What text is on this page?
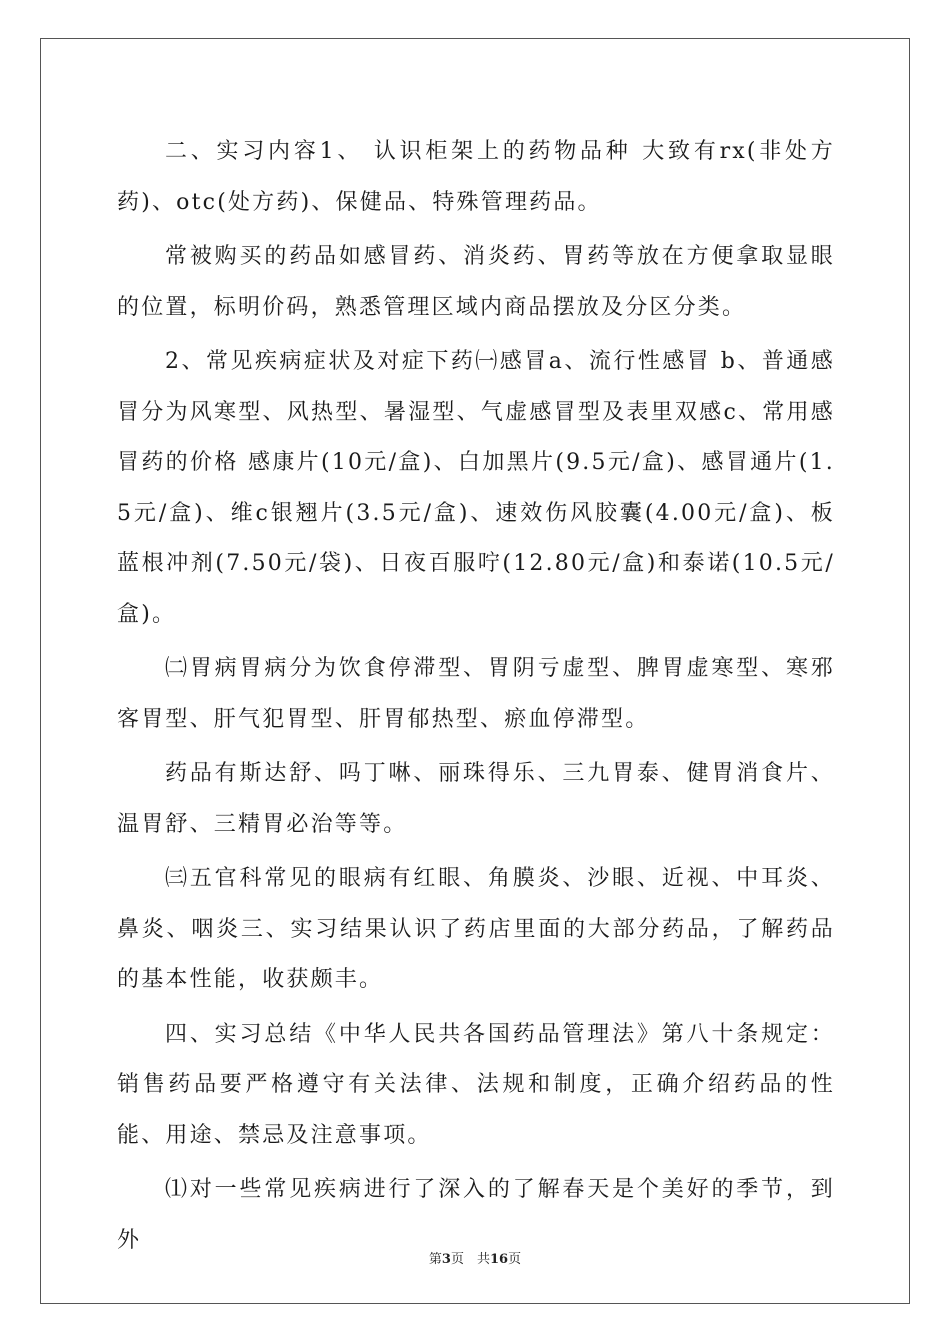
二、实习内容1、 认识柜架上的药物品种 大致有rx(非处方药)、otc(处方药)、保健品、特殊管理药品。

常被购买的药品如感冒药、消炎药、胃药等放在方便拿取显眼的位置，标明价码，熟悉管理区域内商品摆放及分区分类。

2、常见疾病症状及对症下药㈠感冒a、流行性感冒 b、普通感冒分为风寒型、风热型、暑湿型、气虚感冒型及表里双感c、常用感冒药的价格 感康片(10元/盒)、白加黑片(9.5元/盒)、感冒通片(1.5元/盒)、维c银翘片(3.5元/盒)、速效伤风胶囊(4.00元/盒)、板蓝根冲剂(7.50元/袋)、日夜百服咛(12.80元/盒)和泰诺(10.5元/盒)。

㈡胃病胃病分为饮食停滞型、胃阴亏虚型、脾胃虚寒型、寒邪客胃型、肝气犯胃型、肝胃郁热型、瘀血停滞型。

药品有斯达舒、吗丁啉、丽珠得乐、三九胃泰、健胃消食片、温胃舒、三精胃必治等等。

㈢五官科常见的眼病有红眼、角膜炎、沙眼、近视、中耳炎、鼻炎、咽炎三、实习结果认识了药店里面的大部分药品，了解药品的基本性能，收获颇丰。

四、实习总结《中华人民共各国药品管理法》第八十条规定：销售药品要严格遵守有关法律、法规和制度，正确介绍药品的性能、用途、禁忌及注意事项。

⑴对一些常见疾病进行了深入的了解春天是个美好的季节，到外

第3页　共16页
